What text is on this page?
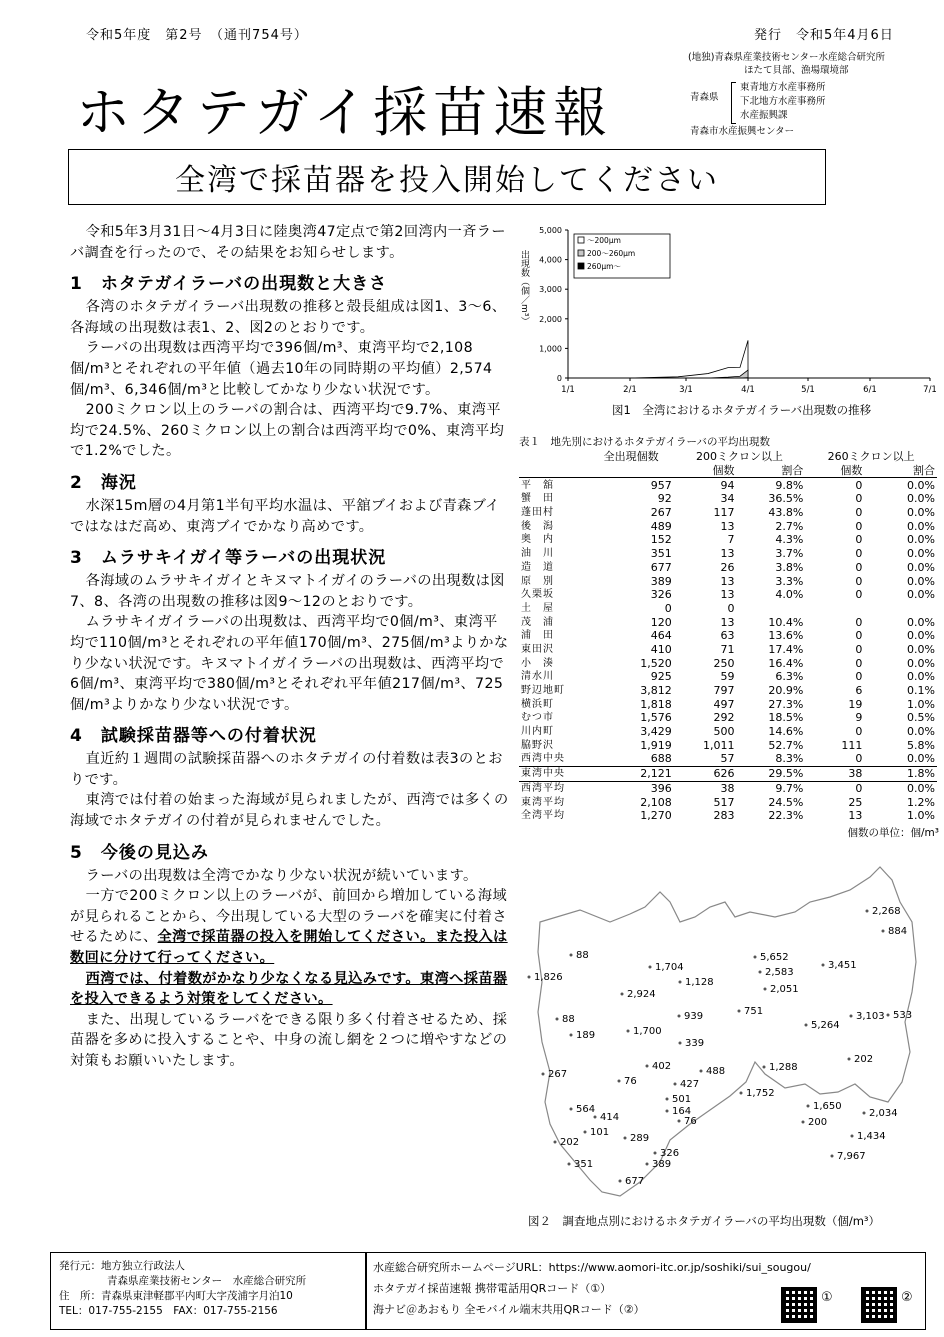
令和5年度　第2号　（通刊754号）	発行　令和5年4月6日
ホタテガイ採苗速報
(地独)青森県産業技術センター水産総合研究所
ほたて貝部、漁場環境部
青森県
東青地方水産事務所
下北地方水産事務所
水産振興課
青森市水産振興センター
全湾で採苗器を投入開始してください

令和5年3月31日～4月3日に陸奥湾47定点で第2回湾内一斉ラーバ調査を行ったので、その結果をお知らせします。

1　 ホタテガイラーバの出現数と大きさ

各湾のホタテガイラーバ出現数の推移と殻長組成は図1、3～6、各海域の出現数は表1、2、図2のとおりです。

ラーバの出現数は西湾平均で396個/m³、東湾平均で2,108個/m³とそれぞれの平年値（過去10年の同時期の平均値）2,574個/m³、6,346個/m³と比較してかなり少ない状況です。

200ミクロン以上のラーバの割合は、西湾平均で9.7%、東湾平均で24.5%、260ミクロン以上の割合は西湾平均で0%、東湾平均で1.2%でした。

2　 海況

水深15m層の4月第1半旬平均水温は、平舘ブイおよび青森ブイではなはだ高め、東湾ブイでかなり高めです。

3　 ムラサキイガイ等ラーバの出現状況

各海域のムラサキイガイとキヌマトイガイのラーバの出現数は図7、8、各湾の出現数の推移は図9～12のとおりです。

ムラサキイガイラーバの出現数は、西湾平均で0個/m³、東湾平均で110個/m³とそれぞれの平年値170個/m³、275個/m³よりかなり少ない状況です。キヌマトイガイラーバの出現数は、西湾平均で6個/m³、東湾平均で380個/m³とそれぞれ平年値217個/m³、725個/m³よりかなり少ない状況です。

4　 試験採苗器等への付着状況

直近約１週間の試験採苗器へのホタテガイの付着数は表3のとおりです。

東湾では付着の始まった海域が見られましたが、西湾では多くの海域でホタテガイの付着が見られませんでした。

5　 今後の見込み

ラーバの出現数は全湾でかなり少ない状況が続いています。

一方で200ミクロン以上のラーバが、前回から増加している海域が見られることから、今出現している大型のラーバを確実に付着させるために、全湾で採苗器の投入を開始してください。また投入は数回に分けて行ってください。

西湾では、付着数がかなり少なくなる見込みです。東湾へ採苗器を投入できるよう対策をしてください。

また、出現しているラーバをできる限り多く付着させるため、採苗器を多めに投入することや、中身の流し網を２つに増やすなどの対策もお願いいたします。

～200μm
200～260μm
260μm～
0
1,000
2,000
3,000
4,000
5,000
1/1	2/1	3/1	4/1	5/1	6/1	7/1
図1　全湾におけるホタテガイラーバ出現数の推移
出現数（個／m³）
表１　地先別におけるホタテガイラーバの平均出現数
	全出現個数	200ミクロン以上		260ミクロン以上	
		個数	割合	個数	割合
平　舘	957	94	9.8%	0	0.0%
蟹　田	92	34	36.5%	0	0.0%
蓬田村	267	117	43.8%	0	0.0%
後　潟	489	13	2.7%	0	0.0%
奥　内	152	7	4.3%	0	0.0%
油　川	351	13	3.7%	0	0.0%
造　道	677	26	3.8%	0	0.0%
原　別	389	13	3.3%	0	0.0%
久栗坂	326	13	4.0%	0	0.0%
土　屋	0	0			
茂　浦	120	13	10.4%	0	0.0%
浦　田	464	63	13.6%	0	0.0%
東田沢	410	71	17.4%	0	0.0%
小　湊	1,520	250	16.4%	0	0.0%
清水川	925	59	6.3%	0	0.0%
野辺地町	3,812	797	20.9%	6	0.1%
横浜町	1,818	497	27.3%	19	1.0%
むつ市	1,576	292	18.5%	9	0.5%
川内町	3,429	500	14.6%	0	0.0%
脇野沢	1,919	1,011	52.7%	111	5.8%
西湾中央	688	57	8.3%	0	0.0%
東湾中央	2,121	626	29.5%	38	1.8%
西湾平均	396	38	9.7%	0	0.0%
東湾平均	2,108	517	24.5%	25	1.2%
全湾平均	1,270	283	22.3%	13	1.0%
個数の単位：個/m³
2,268
884
88
1,826
1,704
5,652
2,583
3,451
1,128
2,924	2,051
88
189	1,700
939	751
5,264
3,103 533
339
202
267
402	488	1,288
76	427
1,752
501
564
414
164	1,650
2,034
200
101
76
1,434
202	289
7,967
351
326
389
677
図２　調査地点別におけるホタテガイラーバの平均出現数（個/m³）
発行元：地方独立行政法人
青森県産業技術センター　水産総合研究所
住　所：青森県東津軽郡平内町大字茂浦字月泊10
TEL：017-755-2155　FAX：017-755-2156
水産総合研究所ホームページURL：https://www.aomori-itc.or.jp/soshiki/sui_sougou/
ホタテガイ採苗速報 携帯電話用QRコード（①）
海ナビ＠あおもり 全モバイル端末共用QRコード（②）
①	②
